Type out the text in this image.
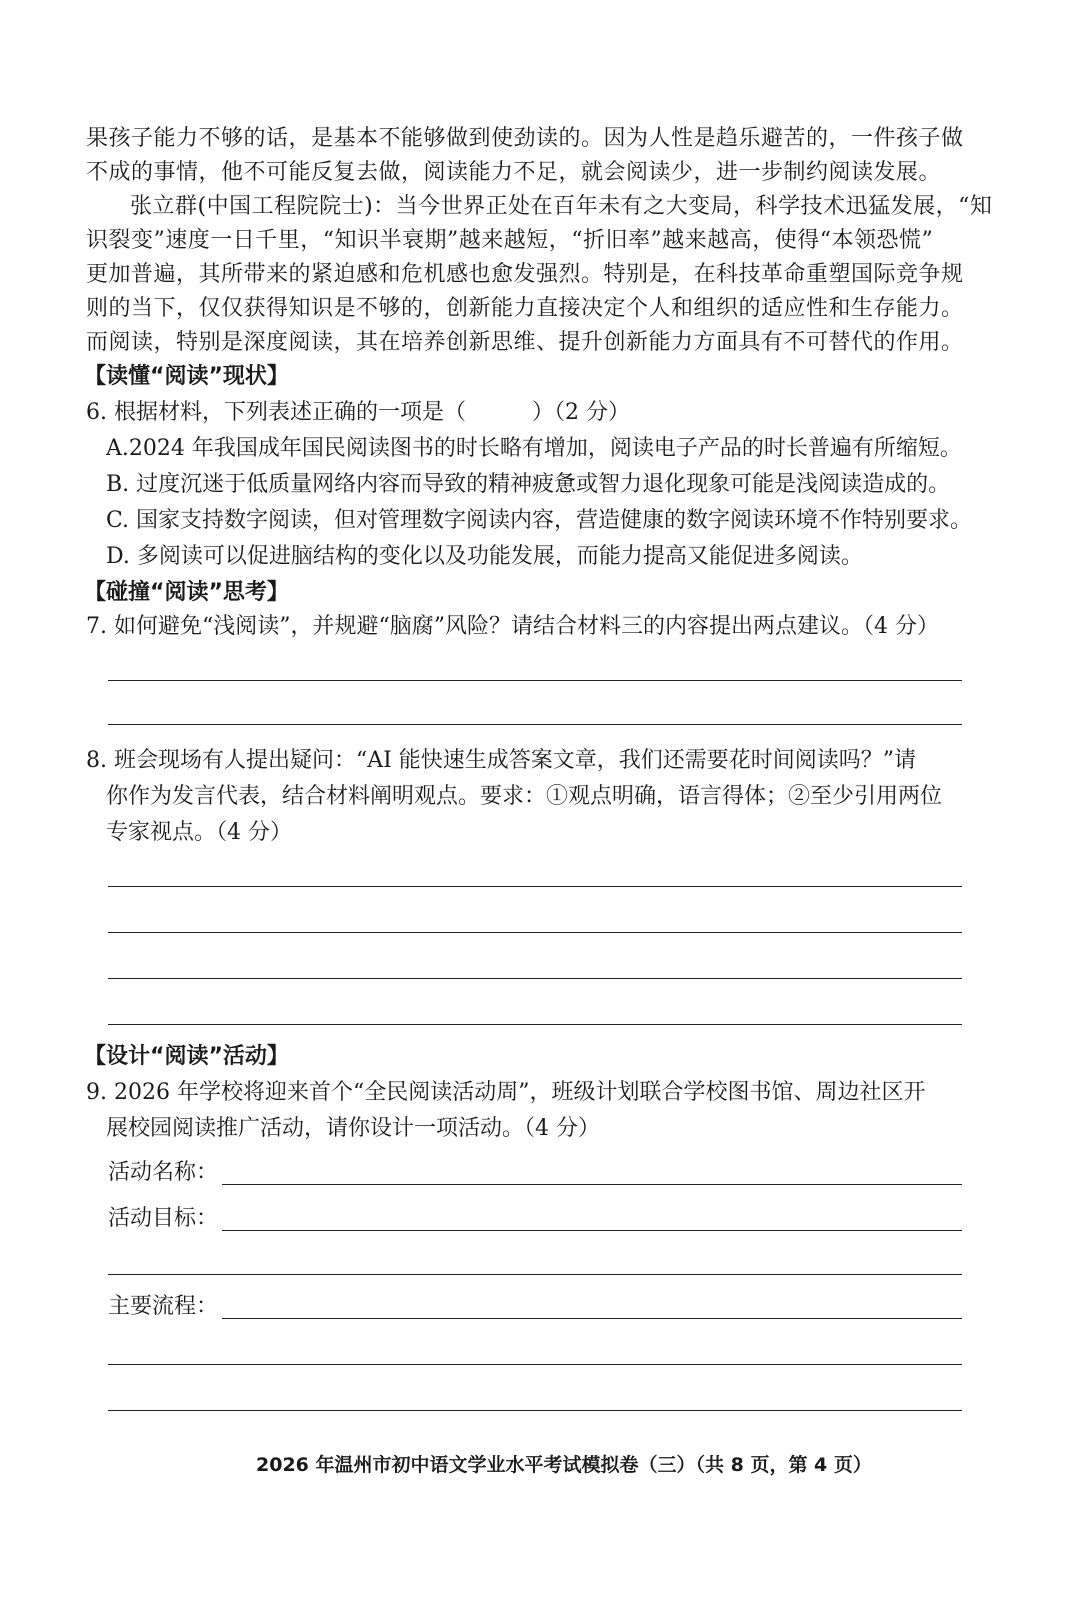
果孩子能力不够的话，是基本不能够做到使劲读的。因为人性是趋乐避苦的，一件孩子做
不成的事情，他不可能反复去做，阅读能力不足，就会阅读少，进一步制约阅读发展。
张立群(中国工程院院士)：当今世界正处在百年未有之大变局，科学技术迅猛发展，“知
识裂变”速度一日千里，“知识半衰期”越来越短，“折旧率”越来越高，使得“本领恐慌”
更加普遍，其所带来的紧迫感和危机感也愈发强烈。特别是，在科技革命重塑国际竞争规
则的当下，仅仅获得知识是不够的，创新能力直接决定个人和组织的适应性和生存能力。
而阅读，特别是深度阅读，其在培养创新思维、提升创新能力方面具有不可替代的作用。
【读懂“阅读”现状】
6. 根据材料，下列表述正确的一项是（　　　）（2 分）
A.2024 年我国成年国民阅读图书的时长略有增加，阅读电子产品的时长普遍有所缩短。
B. 过度沉迷于低质量网络内容而导致的精神疲惫或智力退化现象可能是浅阅读造成的。
C. 国家支持数字阅读，但对管理数字阅读内容，营造健康的数字阅读环境不作特别要求。
D. 多阅读可以促进脑结构的变化以及功能发展，而能力提高又能促进多阅读。
【碰撞“阅读”思考】
7. 如何避免“浅阅读”，并规避“脑腐”风险？请结合材料三的内容提出两点建议。（4 分）
8. 班会现场有人提出疑问：“AI 能快速生成答案文章，我们还需要花时间阅读吗？”请
你作为发言代表，结合材料阐明观点。要求：①观点明确，语言得体；②至少引用两位
专家视点。（4 分）
【设计“阅读”活动】
9. 2026 年学校将迎来首个“全民阅读活动周”，班级计划联合学校图书馆、周边社区开
展校园阅读推广活动，请你设计一项活动。（4 分）
活动名称：
活动目标：
主要流程：
2026 年温州市初中语文学业水平考试模拟卷（三）（共 8 页，第 4 页）
